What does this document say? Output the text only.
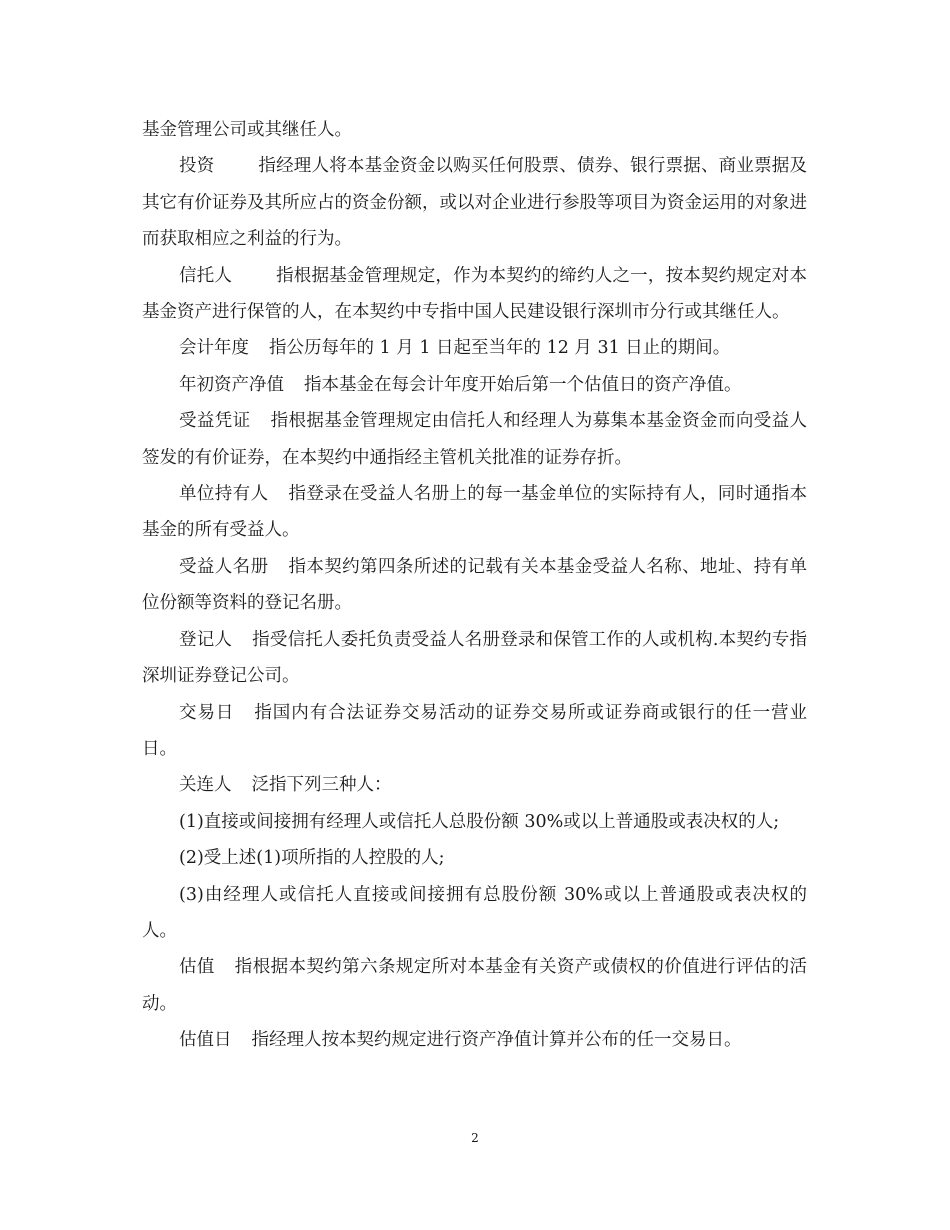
基金管理公司或其继任人。

投资	指经理人将本基金资金以购买任何股票、债券、银行票据、商业票据及其它有价证券及其所应占的资金份额，或以对企业进行参股等项目为资金运用的对象进而获取相应之利益的行为。

信托人	指根据基金管理规定，作为本契约的缔约人之一，按本契约规定对本基金资产进行保管的人，在本契约中专指中国人民建设银行深圳市分行或其继任人。

会计年度 指公历每年的 1 月 1 日起至当年的 12 月 31 日止的期间。

年初资产净值 指本基金在每会计年度开始后第一个估值日的资产净值。

受益凭证 指根据基金管理规定由信托人和经理人为募集本基金资金而向受益人签发的有价证券，在本契约中通指经主管机关批准的证券存折。

单位持有人 指登录在受益人名册上的每一基金单位的实际持有人，同时通指本基金的所有受益人。

受益人名册 指本契约第四条所述的记载有关本基金受益人名称、地址、持有单位份额等资料的登记名册。

登记人 指受信托人委托负责受益人名册登录和保管工作的人或机构.本契约专指深圳证券登记公司。

交易日 指国内有合法证券交易活动的证券交易所或证券商或银行的任一营业日。

关连人 泛指下列三种人：

(1)直接或间接拥有经理人或信托人总股份额 30%或以上普通股或表决权的人;

(2)受上述(1)项所指的人控股的人;

(3)由经理人或信托人直接或间接拥有总股份额 30%或以上普通股或表决权的人。

估值 指根据本契约第六条规定所对本基金有关资产或债权的价值进行评估的活动。

估值日 指经理人按本契约规定进行资产净值计算并公布的任一交易日。

2
